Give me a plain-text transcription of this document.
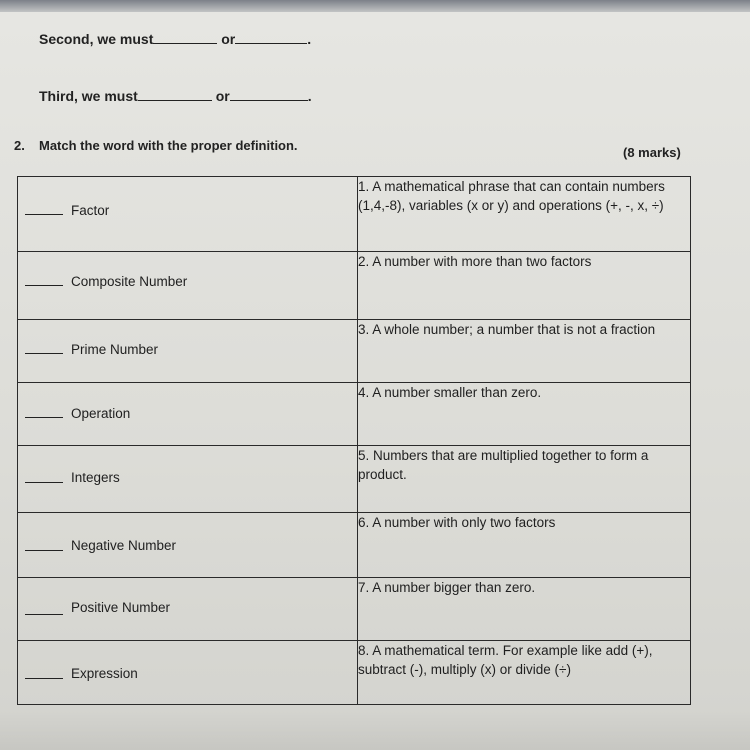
Second, we must	or	.
Third, we must	or	.
2. Match the word with the proper definition.	(8 marks)
Factor	1. A mathematical phrase that can contain numbers (1,4,-8), variables (x or y) and operations (+, -, x, ÷)

Composite Number	2. A number with more than two factors

Prime Number	3. A whole number; a number that is not a fraction

Operation	4. A number smaller than zero.

Integers	5. Numbers that are multiplied together to form a product.

Negative Number	6. A number with only two factors

Positive Number	7. A number bigger than zero.

Expression	8. A mathematical term. For example like add (+), subtract (-), multiply (x) or divide (÷)
